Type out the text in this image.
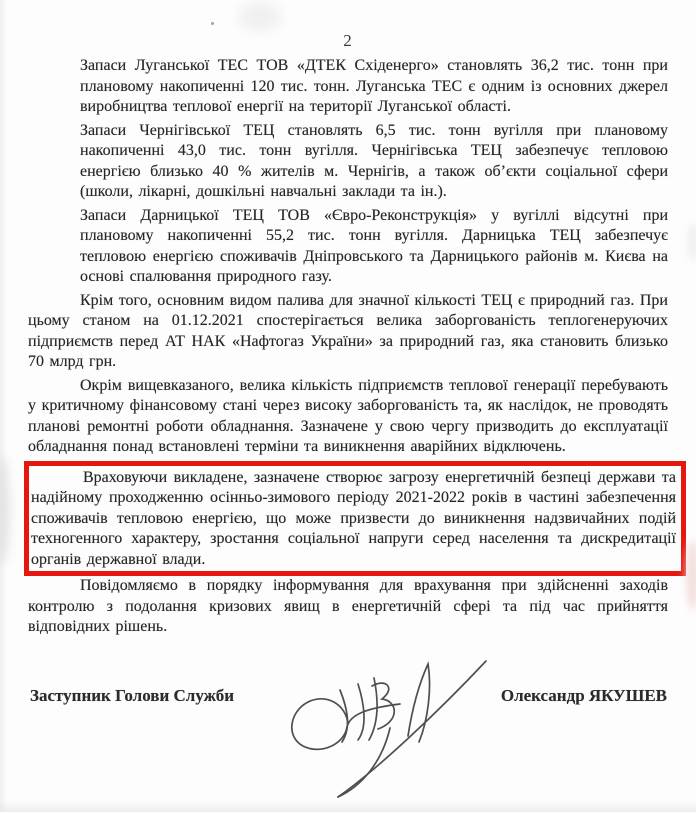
2

Запаси Луганської ТЕС ТОВ «ДТЕК Східенерго» становлять 36,2 тис. тонн при плановому накопиченні 120 тис. тонн. Луганська ТЕС є одним із основних джерел виробництва теплової енергії на території Луганської області.

Запаси Чернігівської ТЕЦ становлять 6,5 тис. тонн вугілля при плановому накопиченні 43,0 тис. тонн вугілля. Чернігівська ТЕЦ забезпечує тепловою енергією близько 40 % жителів м. Чернігів, а також об’єкти соціальної сфери (школи, лікарні, дошкільні навчальні заклади та ін.).

Запаси Дарницької ТЕЦ ТОВ «Євро-Реконструкція» у вугіллі відсутні при плановому накопиченні 55,2 тис. тонн вугілля. Дарницька ТЕЦ забезпечує тепловою енергією споживачів Дніпровського та Дарницького районів м. Києва на основі спалювання природного газу.

Крім того, основним видом палива для значної кількості ТЕЦ є природний газ. При цьому станом на 01.12.2021 спостерігається велика заборгованість теплогенеруючих підприємств перед АТ НАК «Нафтогаз України» за природний газ, яка становить близько 70 млрд грн.

Окрім вищевказаного, велика кількість підприємств теплової генерації перебувають у критичному фінансовому стані через високу заборгованість та, як наслідок, не проводять планові ремонтні роботи обладнання. Зазначене у свою чергу призводить до експлуатації обладнання понад встановлені терміни та виникнення аварійних відключень.

Враховуючи викладене, зазначене створює загрозу енергетичній безпеці держави та надійному проходженню осінньо-зимового періоду 2021-2022 років в частині забезпечення споживачів тепловою енергією, що може призвести до виникнення надзвичайних подій техногенного характеру, зростання соціальної напруги серед населення та дискредитації органів державної влади.

Повідомляємо в порядку інформування для врахування при здійсненні заходів контролю з подолання кризових явищ в енергетичній сфері та під час прийняття відповідних рішень.

Заступник Голови Служби	Олександр ЯКУШЕВ
